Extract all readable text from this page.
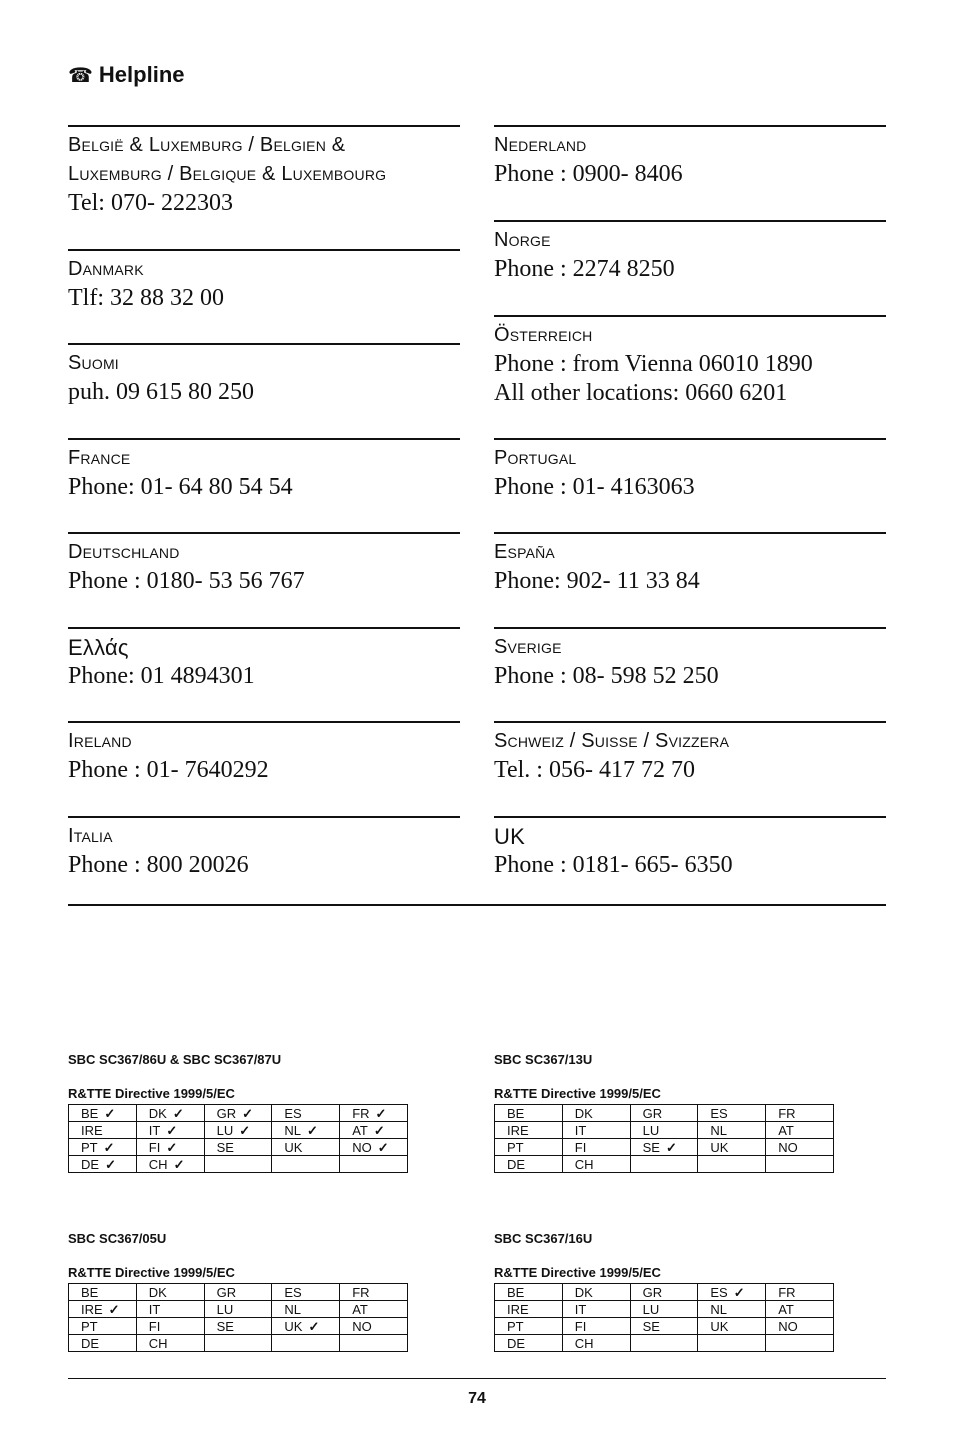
☎ Helpline
België & Luxemburg / Belgien &
Luxemburg / Belgique & Luxembourg
Tel: 070- 222303
Danmark
Tlf: 32 88 32 00
Suomi
puh. 09 615 80 250
France
Phone: 01- 64 80 54 54
Deutschland
Phone : 0180- 53 56 767
Ελλάς
Phone: 01 4894301
Ireland
Phone : 01- 7640292
Italia
Phone : 800 20026
Nederland
Phone : 0900- 8406
Norge
Phone : 2274 8250
Österreich
Phone : from Vienna 06010 1890
All other locations: 0660 6201
Portugal
Phone : 01- 4163063
España
Phone: 902- 11 33 84
Sverige
Phone : 08- 598 52 250
Schweiz / Suisse / Svizzera
Tel. : 056- 417 72 70
UK
Phone : 0181- 665- 6350
SBC SC367/86U & SBC SC367/87U
R&TTE Directive 1999/5/EC
BE ✓	DK ✓	GR ✓	ES	FR ✓
IRE	IT ✓	LU ✓	NL ✓	AT ✓
PT ✓	FI ✓	SE	UK	NO ✓
DE ✓	CH ✓			
SBC SC367/13U
R&TTE Directive 1999/5/EC
BE	DK	GR	ES	FR
IRE	IT	LU	NL	AT
PT	FI	SE ✓	UK	NO
DE	CH			
SBC SC367/05U
R&TTE Directive 1999/5/EC
BE	DK	GR	ES	FR
IRE ✓	IT	LU	NL	AT
PT	FI	SE	UK ✓	NO
DE	CH			
SBC SC367/16U
R&TTE Directive 1999/5/EC
BE	DK	GR	ES ✓	FR
IRE	IT	LU	NL	AT
PT	FI	SE	UK	NO
DE	CH			
74
